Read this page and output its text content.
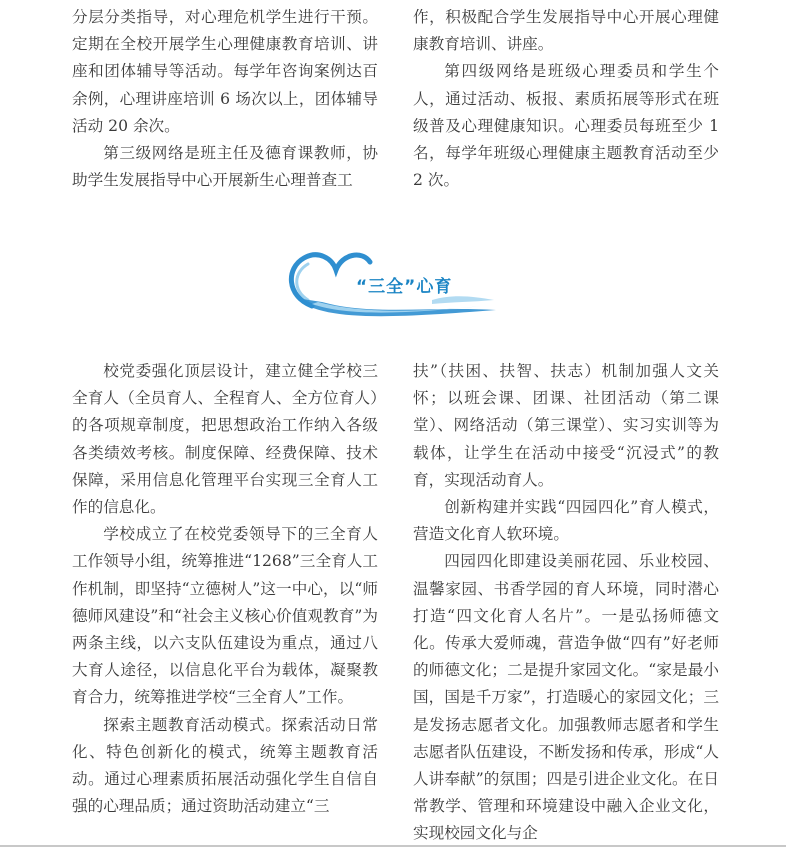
分层分类指导，对心理危机学生进行干预。定期在全校开展学生心理健康教育培训、讲座和团体辅导等活动。每学年咨询案例达百余例，心理讲座培训 6 场次以上，团体辅导活动 20 余次。

第三级网络是班主任及德育课教师，协助学生发展指导中心开展新生心理普查工

作，积极配合学生发展指导中心开展心理健康教育培训、讲座。

第四级网络是班级心理委员和学生个人，通过活动、板报、素质拓展等形式在班级普及心理健康知识。心理委员每班至少 1 名，每学年班级心理健康主题教育活动至少 2 次。

“三全”心育

校党委强化顶层设计，建立健全学校三全育人（全员育人、全程育人、全方位育人）的各项规章制度，把思想政治工作纳入各级各类绩效考核。制度保障、经费保障、技术保障，采用信息化管理平台实现三全育人工作的信息化。

学校成立了在校党委领导下的三全育人工作领导小组，统筹推进“1268”三全育人工作机制，即坚持“立德树人”这一中心，以“师德师风建设”和“社会主义核心价值观教育”为两条主线，以六支队伍建设为重点，通过八大育人途径，以信息化平台为载体，凝聚教育合力，统筹推进学校“三全育人”工作。

探索主题教育活动模式。探索活动日常化、特色创新化的模式，统筹主题教育活动。通过心理素质拓展活动强化学生自信自强的心理品质；通过资助活动建立“三

扶”（扶困、扶智、扶志）机制加强人文关怀；以班会课、团课、社团活动（第二课堂）、网络活动（第三课堂）、实习实训等为载体，让学生在活动中接受“沉浸式”的教育，实现活动育人。

创新构建并实践“四园四化”育人模式，营造文化育人软环境。

四园四化即建设美丽花园、乐业校园、温馨家园、书香学园的育人环境，同时潜心打造“四文化育人名片”。一是弘扬师德文化。传承大爱师魂，营造争做“四有”好老师的师德文化；二是提升家园文化。“家是最小国，国是千万家”，打造暖心的家园文化；三是发扬志愿者文化。加强教师志愿者和学生志愿者队伍建设，不断发扬和传承，形成“人人讲奉献”的氛围；四是引进企业文化。在日常教学、管理和环境建设中融入企业文化，实现校园文化与企
